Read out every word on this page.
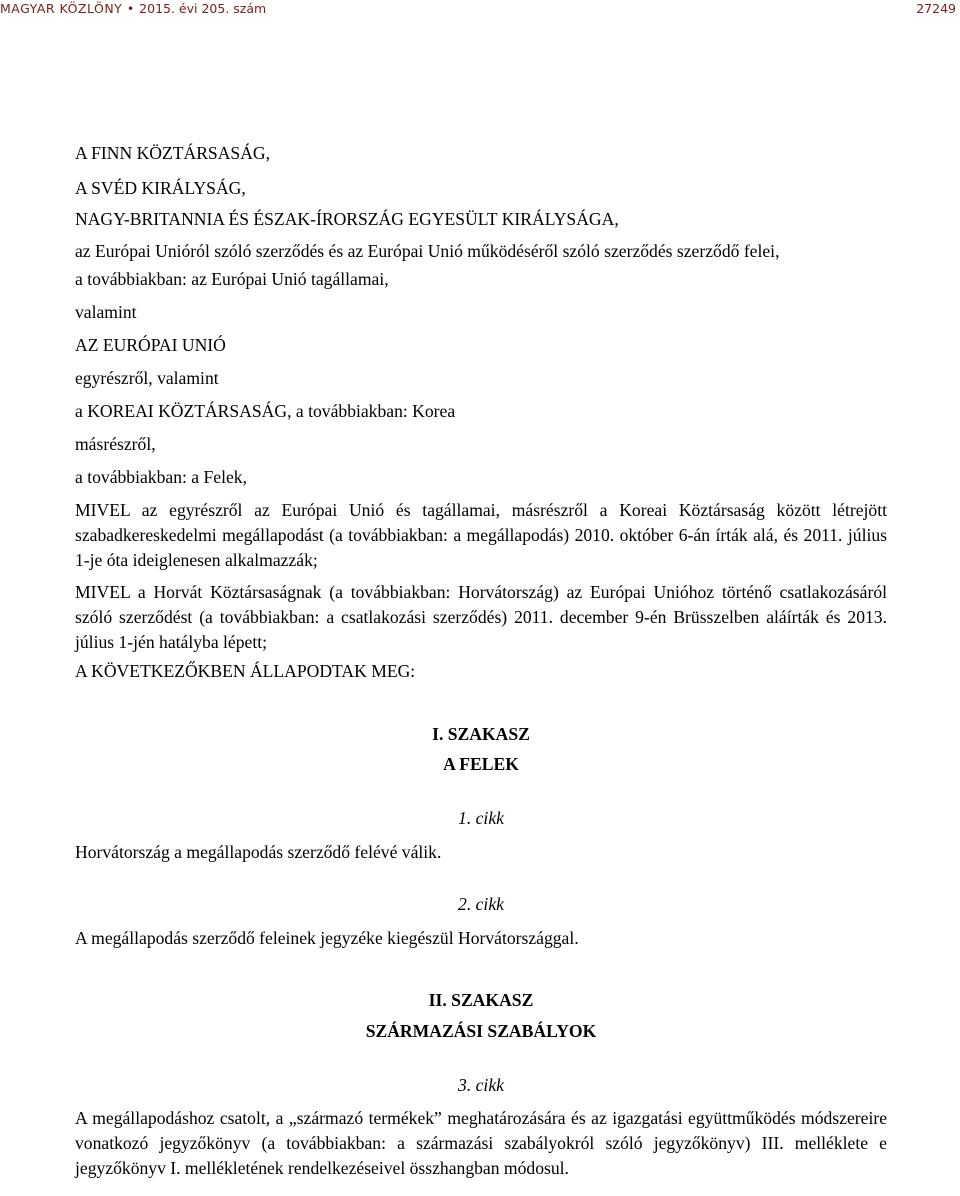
MAGYAR KÖZLÖNY • 2015. évi 205. szám	27249

A FINN KÖZTÁRSASÁG,

A SVÉD KIRÁLYSÁG,

NAGY-BRITANNIA ÉS ÉSZAK-ÍRORSZÁG EGYESÜLT KIRÁLYSÁGA,

az Európai Unióról szóló szerződés és az Európai Unió működéséről szóló szerződés szerződő felei,

a továbbiakban: az Európai Unió tagállamai,

valamint

AZ EURÓPAI UNIÓ

egyrészről, valamint

a KOREAI KÖZTÁRSASÁG, a továbbiakban: Korea

másrészről,

a továbbiakban: a Felek,

MIVEL az egyrészről az Európai Unió és tagállamai, másrészről a Koreai Köztársaság között létrejött szabadkereskedelmi megállapodást (a továbbiakban: a megállapodás) 2010. október 6-án írták alá, és 2011. július 1-je óta ideiglenesen alkalmazzák;

MIVEL a Horvát Köztársaságnak (a továbbiakban: Horvátország) az Európai Unióhoz történő csatlakozásáról szóló szerződést (a továbbiakban: a csatlakozási szerződés) 2011. december 9-én Brüsszelben aláírták és 2013. július 1-jén hatályba lépett;

A KÖVETKEZŐKBEN ÁLLAPODTAK MEG:

I. SZAKASZ

A FELEK

1. cikk

Horvátország a megállapodás szerződő felévé válik.

2. cikk

A megállapodás szerződő feleinek jegyzéke kiegészül Horvátországgal.

II. SZAKASZ

SZÁRMAZÁSI SZABÁLYOK

3. cikk

A megállapodáshoz csatolt, a „származó termékek” meghatározására és az igazgatási együttműködés módszereire vonatkozó jegyzőkönyv (a továbbiakban: a származási szabályokról szóló jegyzőkönyv) III. melléklete e jegyzőkönyv I. mellékletének rendelkezéseivel összhangban módosul.
